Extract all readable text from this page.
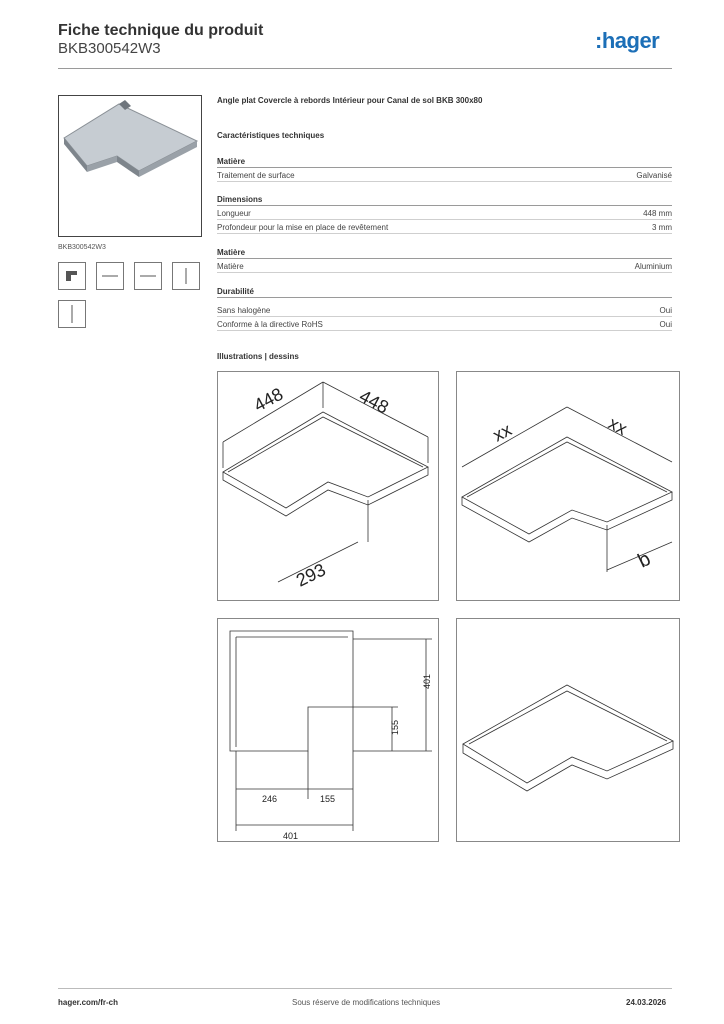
Fiche technique du produit
BKB300542W3	:hager
BKB300542W3
Angle plat Covercle à rebords Intérieur pour Canal de sol BKB 300x80
Caractéristiques techniques
Matière
Traitement de surface	Galvanisé
Dimensions
Longueur	448 mm
Profondeur pour la mise en place de revêtement	3 mm
Matière
Matière	Aluminium
Durabilité
Sans halogène	Oui
Conforme à la directive RoHS	Oui
Illustrations | dessins
448	448
293
xx	xx
b
401
155
246	155
401
hager.com/fr-ch	Sous réserve de modifications techniques	24.03.2026
